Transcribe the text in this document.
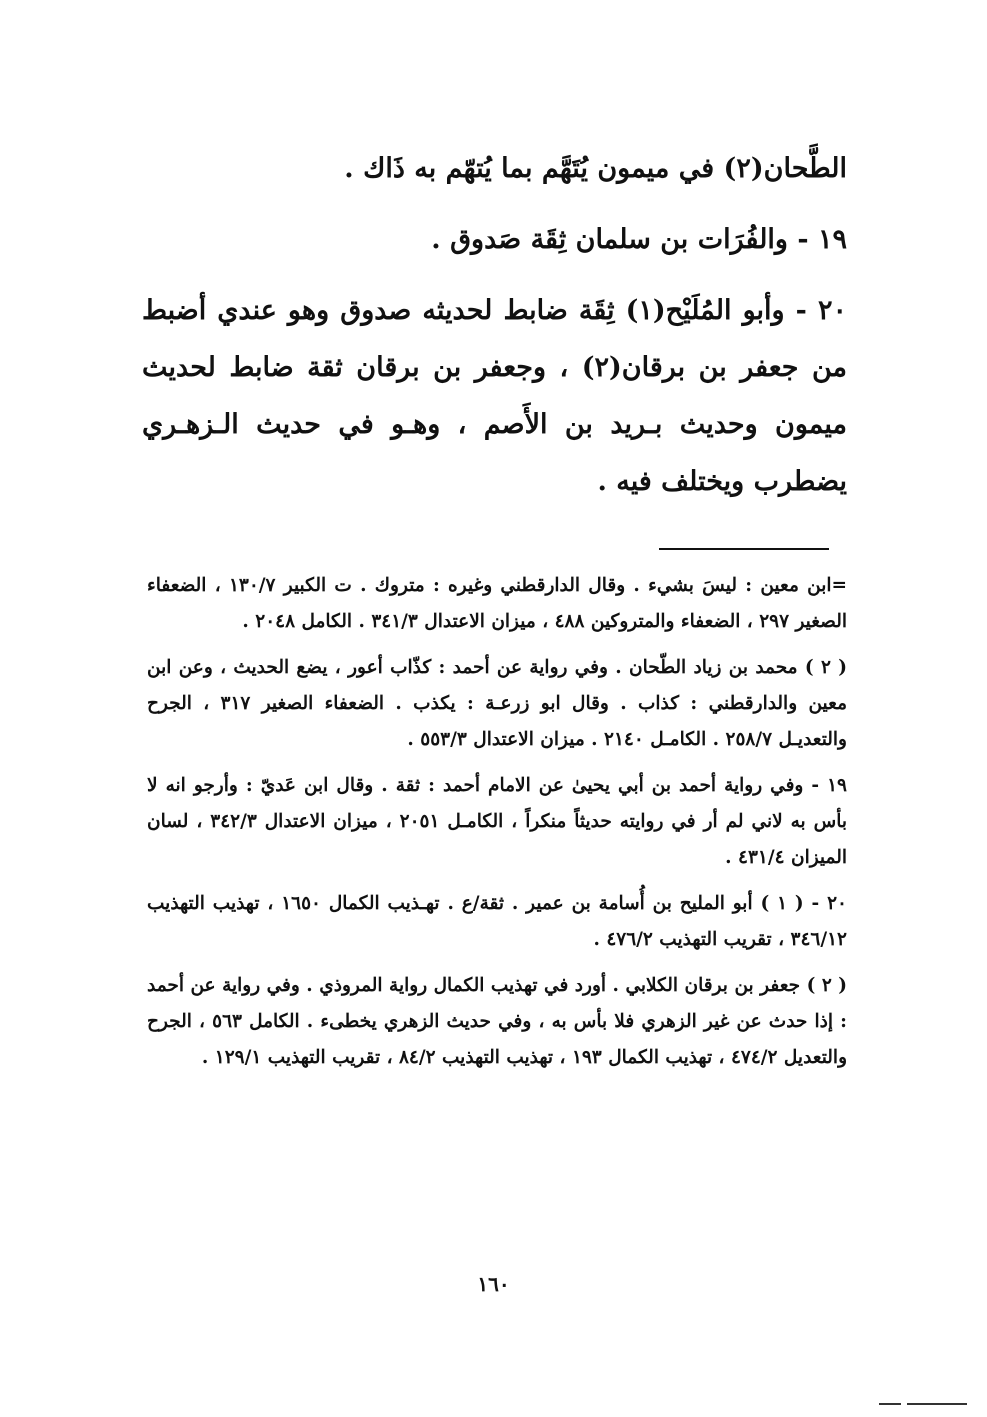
الطَّحان(٢) في ميمون يُتَهَّم بما يُتهّم به ذَاك .

١٩ - والفُرَات بن سلمان ثِقَة صَدوق .

٢٠ - وأبو المُلَيْح(١) ثِقَة ضابط لحديثه صدوق وهو عندي أضبط من جعفر بن برقان(٢) ، وجعفر بن برقان ثقة ضابط لحديث ميمون وحديث بـريد بن الأَصم ، وهـو في حديث الـزهـري يضطرب ويختلف فيه .

=ابن معين : ليسَ بشيء . وقال الدارقطني وغيره : متروك . ت الكبير ١٣٠/٧ ، الضعفاء الصغير ٢٩٧ ، الضعفاء والمتروكين ٤٨٨ ، ميزان الاعتدال ٣٤١/٣ . الكامل ٢٠٤٨ .

( ٢ ) محمد بن زياد الطّحان . وفي رواية عن أحمد : كذّاب أعور ، يضع الحديث ، وعن ابن معين والدارقطني : كذاب . وقال ابو زرعـة : يكذب . الضعفاء الصغير ٣١٧ ، الجرح والتعديـل ٢٥٨/٧ . الكامـل ٢١٤٠ . ميزان الاعتدال ٥٥٣/٣ .

١٩ - وفي رواية أحمد بن أبي يحيىٰ عن الامام أحمد : ثقة . وقال ابن عَديّ : وأرجو انه لا بأس به لاني لم أر في روايته حديثاً منكراً ، الكامـل ٢٠٥١ ، ميزان الاعتدال ٣٤٢/٣ ، لسان الميزان ٤٣١/٤ .

٢٠ - ( ١ ) أبو المليح بن أُسامة بن عمير . ثقة/ع . تهـذيب الكمال ١٦٥٠ ، تهذيب التهذيب ٣٤٦/١٢ ، تقريب التهذيب ٤٧٦/٢ .

( ٢ ) جعفر بن برقان الكلابي . أورد في تهذيب الكمال رواية المروذي . وفي رواية عن أحمد : إذا حدث عن غير الزهري فلا بأس به ، وفي حديث الزهري يخطىء . الكامل ٥٦٣ ، الجرح والتعديل ٤٧٤/٢ ، تهذيب الكمال ١٩٣ ، تهذيب التهذيب ٨٤/٢ ، تقريب التهذيب ١٢٩/١ .

١٦٠
